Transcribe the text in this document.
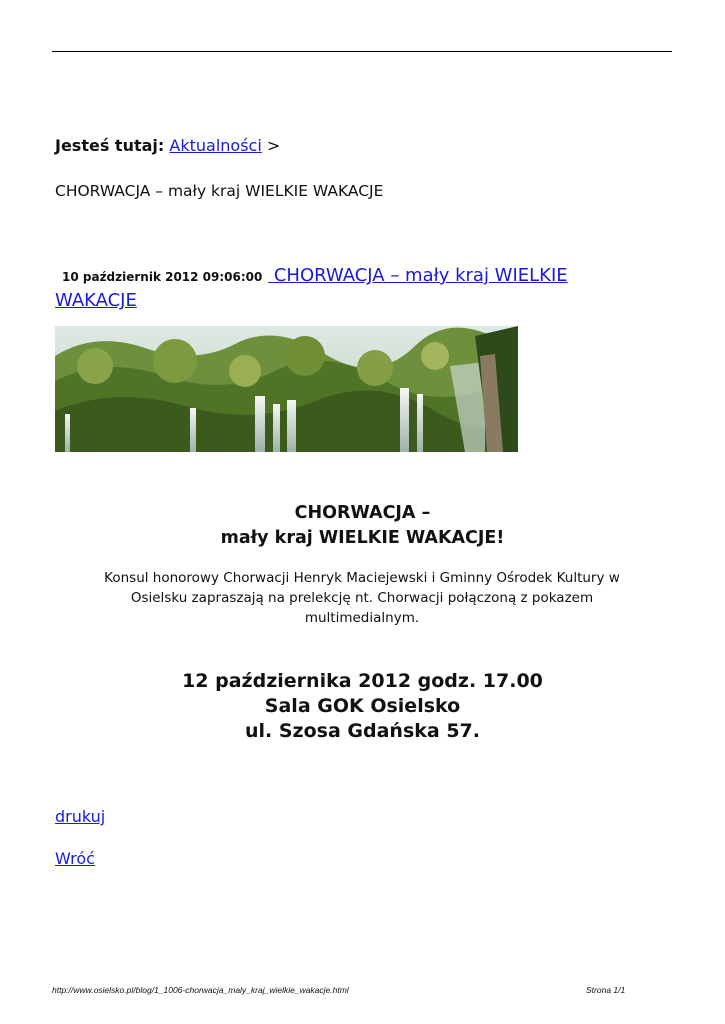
Jesteś tutaj: Aktualności >
CHORWACJA – mały kraj WIELKIE WAKACJE
10 październik 2012 09:06:00 CHORWACJA – mały kraj WIELKIE WAKACJE
CHORWACJA –
mały kraj WIELKIE WAKACJE!
Konsul honorowy Chorwacji Henryk Maciejewski i Gminny Ośrodek Kultury w
Osielsku zapraszają na prelekcję nt. Chorwacji połączoną z pokazem
multimedialnym.
12 października 2012 godz. 17.00
Sala GOK Osielsko
ul. Szosa Gdańska 57.
drukuj
Wróć
http://www.osielsko.pl/blog/1_1006-chorwacja_maly_kraj_wielkie_wakacje.html	Strona 1/1
